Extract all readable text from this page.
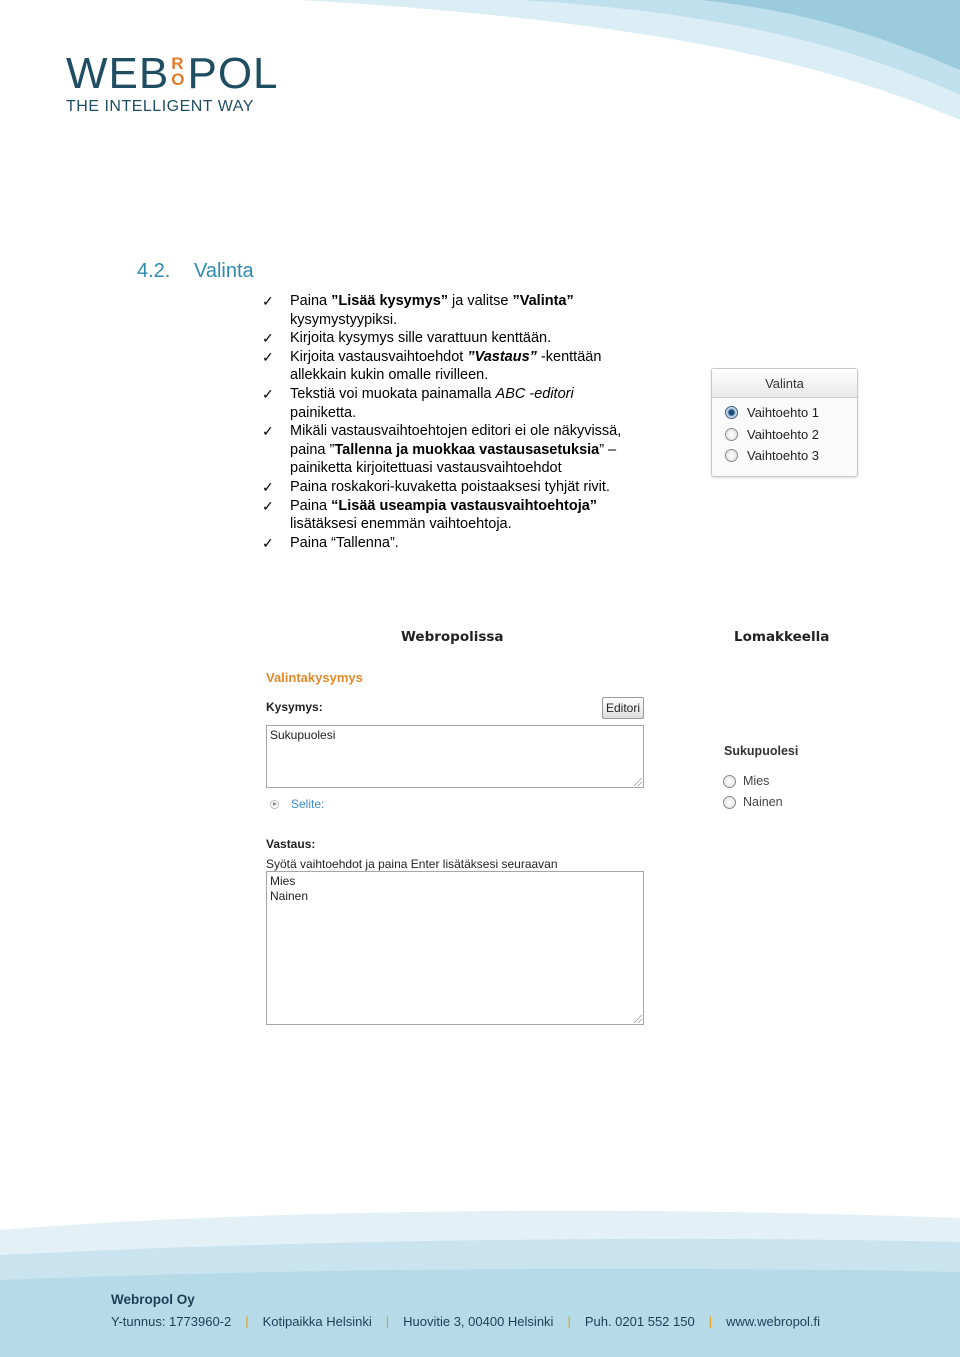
WEB R
O POL
THE INTELLIGENT WAY
4.2. Valinta
✓ Paina ”Lisää kysymys” ja valitse ”Valinta” kysymystyypiksi.
✓ Kirjoita kysymys sille varattuun kenttään.
✓ Kirjoita vastausvaihtoehdot ”Vastaus” -kenttään allekkain kukin omalle rivilleen.
✓ Tekstiä voi muokata painamalla ABC -editori painiketta.
✓ Mikäli vastausvaihtoehtojen editori ei ole näkyvissä, paina ”Tallenna ja muokkaa vastausasetuksia” –painiketta kirjoitettuasi vastausvaihtoehdot
✓ Paina roskakori-kuvaketta poistaaksesi tyhjät rivit.
✓ Paina “Lisää useampia vastausvaihtoehtoja” lisätäksesi enemmän vaihtoehtoja.
✓ Paina “Tallenna”.
Valinta
Vaihtoehto 1
Vaihtoehto 2
Vaihtoehto 3
Webropolissa	Lomakkeella
Valintakysymys
Kysymys:	Editori
Sukupuolesi
Selite:
Vastaus:
Syötä vaihtoehdot ja paina Enter lisätäksesi seuraavan
Mies
Nainen
Sukupuolesi
Mies
Nainen
Webropol Oy
Y-tunnus: 1773960-2 | Kotipaikka Helsinki | Huovitie 3, 00400 Helsinki | Puh. 0201 552 150 | www.webropol.fi
